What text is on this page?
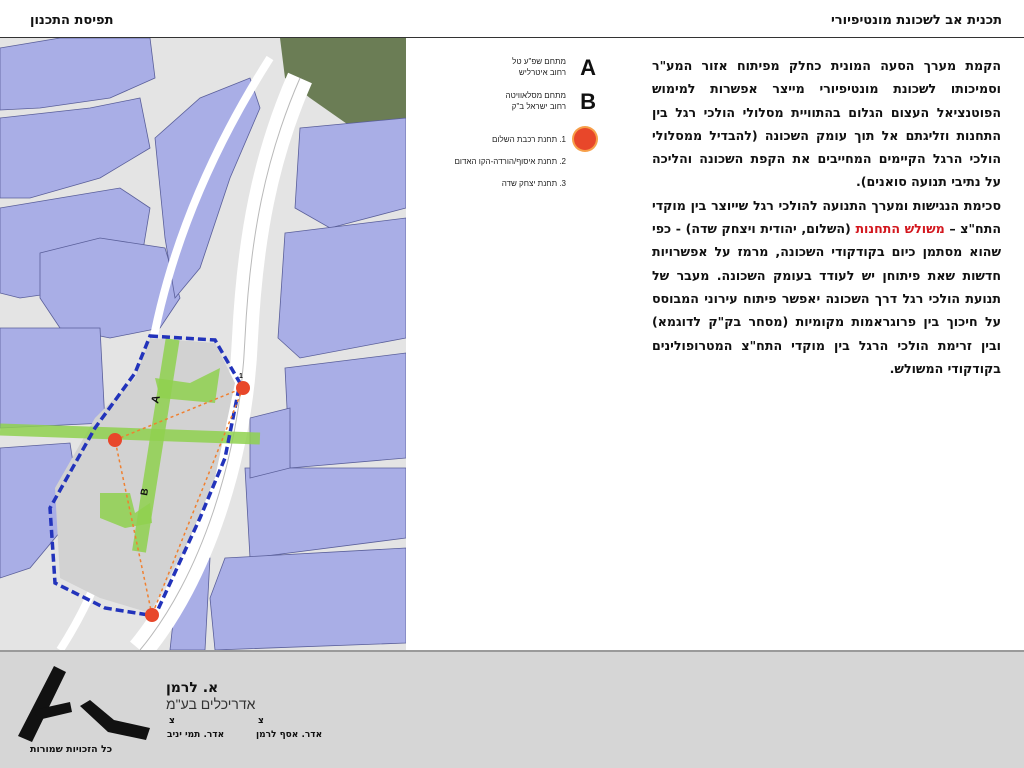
תכנית אב לשכונת מונטיפיורי
תפיסת התכנון
A
B
1
מתחם שפ"ע טל
רחוב איטרליש A
מתחם מסלאוויטה
רחוב ישראל ב"ק B
1. תחנת רכבת השלום
2. תחנת איסוף/הורדה-הקו האדום
3. תחנת יצחק שדה

הקמת מערך הסעה המונית כחלק מפיתוח אזור המע"ר וסמיכותו לשכונת מונטיפיורי מייצר אפשרות למימוש הפוטנציאל העצום הגלום בהתוויית מסלולי הולכי רגל בין התחנות וזליגתם אל תוך עומק השכונה (להבדיל ממסלולי הולכי הרגל הקיימים המחייבים את הקפת השכונה והליכה על נתיבי תנועה סואנים).

סכימת הנגישות ומערך התנועה להולכי רגל שייוצר בין מוקדי התח"צ – משולש התחנות (השלום, יהודית ויצחק שדה) - כפי שהוא מסתמן כיום בקודקודי השכונה, מרמז על אפשרויות חדשות שאת פיתוחן יש לעודד בעומק השכונה. מעבר של תנועת הולכי רגל דרך השכונה יאפשר פיתוח עירוני המבוסס על חיכוך בין פרוגראמות מקומיות (מסחר בק"ק לדוגמא) ובין זרימת הולכי הרגל בין מוקדי התח"צ המטרופולינים בקודקודי המשולש.

כל הזכויות שמורות
א. לרמן
אדריכלים בע"מ
צ
צ
אדר. אסף לרמן
אדר. תמי יניב
